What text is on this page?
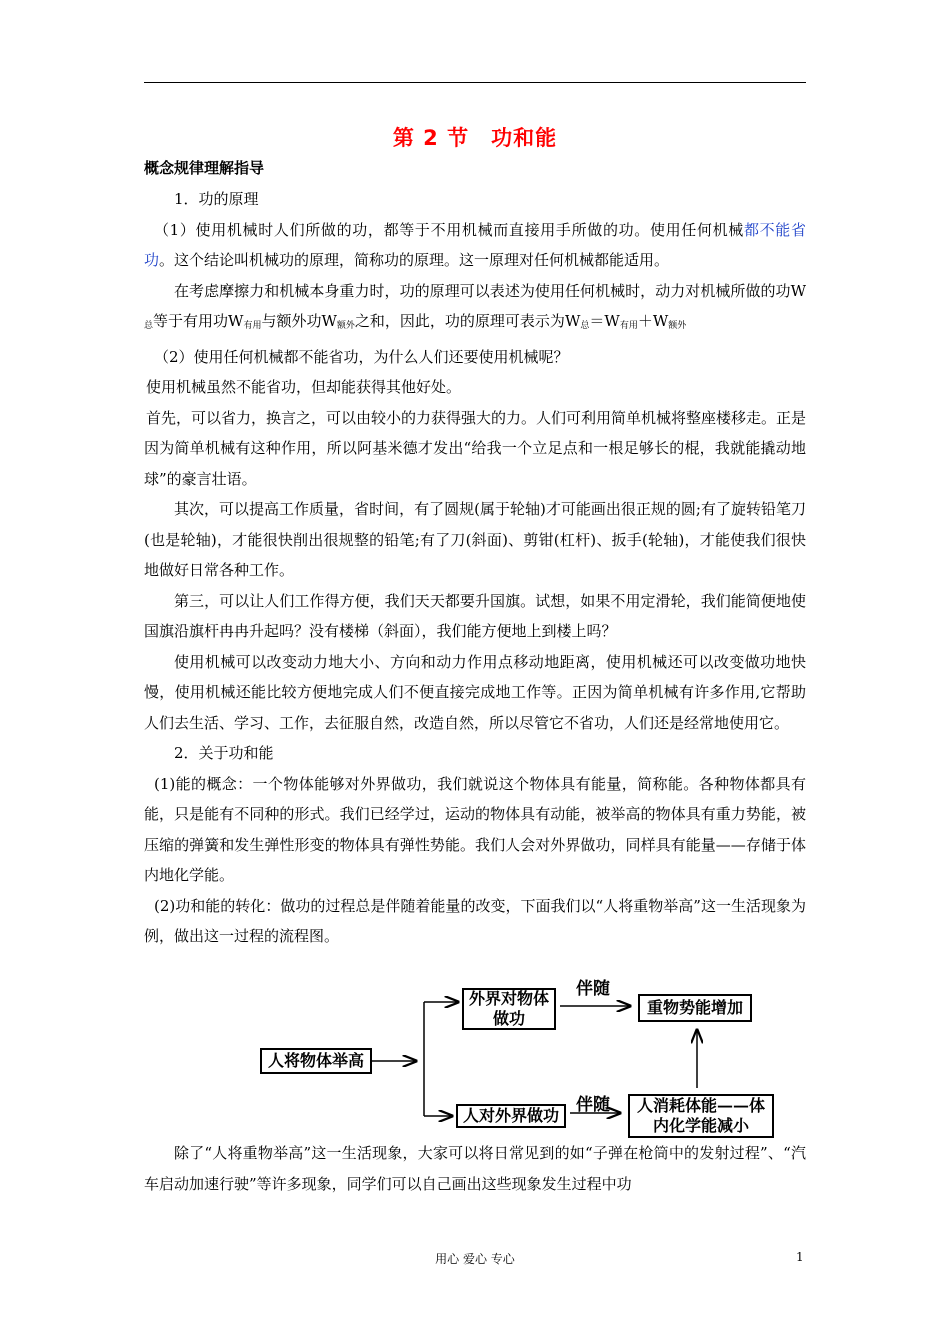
第 2 节 功和能
概念规律理解指导

1．功的原理

（1）使用机械时人们所做的功，都等于不用机械而直接用手所做的功。使用任何机械都不能省功。这个结论叫机械功的原理，简称功的原理。这一原理对任何机械都能适用。

在考虑摩擦力和机械本身重力时，功的原理可以表述为使用任何机械时，动力对机械所做的功$W_总$等于有用功$W_{有用}$与额外功$W_{额外}$之和，因此，功的原理可表示为$W_总=W_{有用}+W_{额外}$

（2）使用任何机械都不能省功，为什么人们还要使用机械呢？

使用机械虽然不能省功，但却能获得其他好处。

首先，可以省力，换言之，可以由较小的力获得强大的力。人们可利用简单机械将整座楼移走。正是因为简单机械有这种作用，所以阿基米德才发出“给我一个立足点和一根足够长的棍，我就能撬动地球”的豪言壮语。

其次，可以提高工作质量，省时间，有了圆规(属于轮轴)才可能画出很正规的圆;有了旋转铅笔刀(也是轮轴)，才能很快削出很规整的铅笔;有了刀(斜面)、剪钳(杠杆)、扳手(轮轴)，才能使我们很快地做好日常各种工作。

第三，可以让人们工作得方便，我们天天都要升国旗。试想，如果不用定滑轮，我们能简便地使国旗沿旗杆冉冉升起吗？没有楼梯（斜面），我们能方便地上到楼上吗？

使用机械可以改变动力地大小、方向和动力作用点移动地距离，使用机械还可以改变做功地快慢，使用机械还能比较方便地完成人们不便直接完成地工作等。正因为简单机械有许多作用,它帮助人们去生活、学习、工作，去征服自然，改造自然，所以尽管它不省功，人们还是经常地使用它。

2．关于功和能

(1)能的概念：一个物体能够对外界做功，我们就说这个物体具有能量，简称能。各种物体都具有能，只是能有不同种的形式。我们已经学过，运动的物体具有动能，被举高的物体具有重力势能，被压缩的弹簧和发生弹性形变的物体具有弹性势能。我们人会对外界做功，同样具有能量——存储于体内地化学能。

(2)功和能的转化：做功的过程总是伴随着能量的改变，下面我们以“人将重物举高”这一生活现象为例，做出这一过程的流程图。

人将物体举高
外界对物体做功
伴随
重物势能增加
人对外界做功
伴随	人消耗体能——体内化学能减小

除了“人将重物举高”这一生活现象，大家可以将日常见到的如“子弹在枪筒中的发射过程”、“汽车启动加速行驶”等许多现象，同学们可以自己画出这些现象发生过程中功

用心 爱心 专心	1
